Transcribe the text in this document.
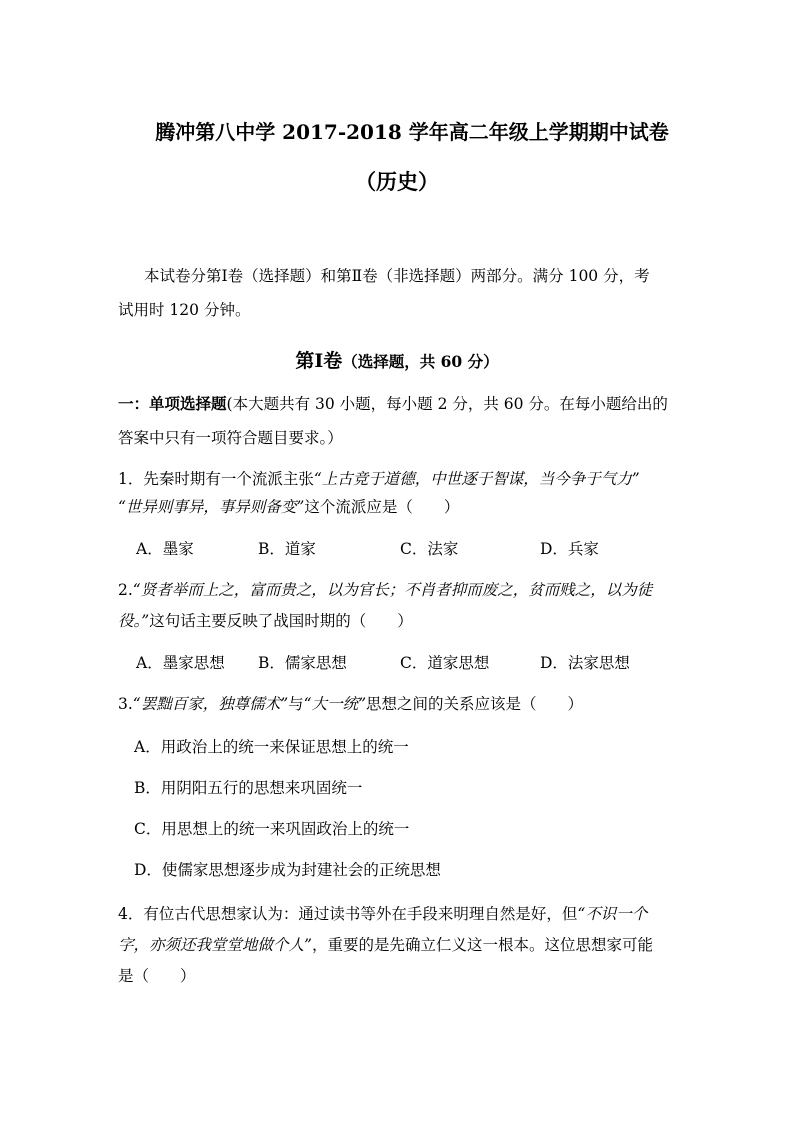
腾冲第八中学 2017-2018 学年高二年级上学期期中试卷
（历史）
本试卷分第Ⅰ卷（选择题）和第Ⅱ卷（非选择题）两部分。满分 100 分，考
试用时 120 分钟。
第Ⅰ卷（选择题，共 60 分）
一：单项选择题(本大题共有 30 小题，每小题 2 分，共 60 分。在每小题给出的
答案中只有一项符合题目要求。）
1．先秦时期有一个流派主张“上古竞于道德，中世逐于智谋，当今争于气力”
“世异则事异，事异则备变”这个流派应是（　　）
A．墨家	B．道家	C．法家	D．兵家
2.“贤者举而上之，富而贵之，以为官长；不肖者抑而废之，贫而贱之，以为徒
役。”这句话主要反映了战国时期的（　　）
A．墨家思想 B．儒家思想	C．道家思想	D．法家思想
3.“罢黜百家，独尊儒术”与“大一统”思想之间的关系应该是（　　）
A．用政治上的统一来保证思想上的统一
B．用阴阳五行的思想来巩固统一
C．用思想上的统一来巩固政治上的统一
D．使儒家思想逐步成为封建社会的正统思想
4．有位古代思想家认为：通过读书等外在手段来明理自然是好，但“不识一个
字，亦须还我堂堂地做个人”，重要的是先确立仁义这一根本。这位思想家可能
是（　　）
